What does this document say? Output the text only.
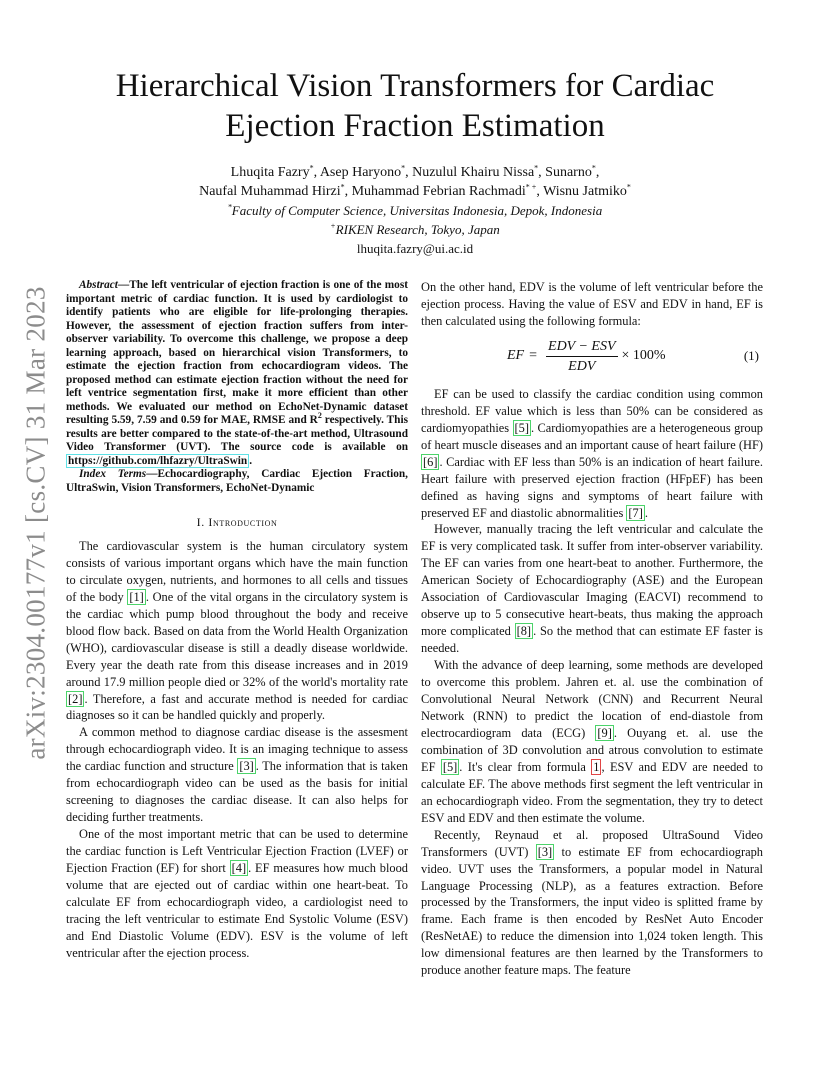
arXiv:2304.00177v1 [cs.CV] 31 Mar 2023
Hierarchical Vision Transformers for Cardiac Ejection Fraction Estimation
Lhuqita Fazry*, Asep Haryono*, Nuzulul Khairu Nissa*, Sunarno*,
Naufal Muhammad Hirzi*, Muhammad Febrian Rachmadi* +, Wisnu Jatmiko*
*Faculty of Computer Science, Universitas Indonesia, Depok, Indonesia
+RIKEN Research, Tokyo, Japan
lhuqita.fazry@ui.ac.id

Abstract—The left ventricular of ejection fraction is one of the most important metric of cardiac function. It is used by cardiologist to identify patients who are eligible for life-prolonging therapies. However, the assessment of ejection fraction suffers from inter-observer variability. To overcome this challenge, we propose a deep learning approach, based on hierarchical vision Transformers, to estimate the ejection fraction from echocardiogram videos. The proposed method can estimate ejection fraction without the need for left ventrice segmentation first, make it more efficient than other methods. We evaluated our method on EchoNet-Dynamic dataset resulting 5.59, 7.59 and 0.59 for MAE, RMSE and $R^2$ respectively. This results are better compared to the state-of-the-art method, Ultrasound Video Transformer (UVT). The source code is available on https://github.com/lhfazry/UltraSwin .

Index Terms—Echocardiography, Cardiac Ejection Fraction, UltraSwin, Vision Transformers, EchoNet-Dynamic

I. Introduction

The cardiovascular system is the human circulatory system consists of various important organs which have the main function to circulate oxygen, nutrients, and hormones to all cells and tissues of the body [1] . One of the vital organs in the circulatory system is the cardiac which pump blood throughout the body and receive blood flow back. Based on data from the World Health Organization (WHO), cardiovascular disease is still a deadly disease worldwide. Every year the death rate from this disease increases and in 2019 around 17.9 million people died or 32% of the world's mortality rate [2] . Therefore, a fast and accurate method is needed for cardiac diagnoses so it can be handled quickly and properly.

A common method to diagnose cardiac disease is the assesment through echocardiograph video. It is an imaging technique to assess the cardiac function and structure [3] . The information that is taken from echocardiograph video can be used as the basis for initial screening to diagnoses the cardiac disease. It can also helps for deciding further treatments.

One of the most important metric that can be used to determine the cardiac function is Left Ventricular Ejection Fraction (LVEF) or Ejection Fraction (EF) for short [4] . EF measures how much blood volume that are ejected out of cardiac within one heart-beat. To calculate EF from echocardiograph video, a cardiologist need to tracing the left ventricular to estimate End Systolic Volume (ESV) and End Diastolic Volume (EDV). ESV is the volume of left ventricular after the ejection process.

On the other hand, EDV is the volume of left ventricular before the ejection process. Having the value of ESV and EDV in hand, EF is then calculated using the following formula:

EF = $\frac{\text{EDV − ESV}}{\text{EDV}} \times 100\%$	(1)

EF can be used to classify the cardiac condition using common threshold. EF value which is less than 50% can be considered as cardiomyopathies [5] . Cardiomyopathies are a heterogeneous group of heart muscle diseases and an important cause of heart failure (HF) [6] . Cardiac with EF less than 50% is an indication of heart failure. Heart failure with preserved ejection fraction (HFpEF) has been defined as having signs and symptoms of heart failure with preserved EF and diastolic abnormalities [7] .

However, manually tracing the left ventricular and calculate the EF is very complicated task. It suffer from inter-observer variability. The EF can varies from one heart-beat to another. Furthermore, the American Society of Echocardiography (ASE) and the European Association of Cardiovascular Imaging (EACVI) recommend to observe up to 5 consecutive heart-beats, thus making the approach more complicated [8] . So the method that can estimate EF faster is needed.

With the advance of deep learning, some methods are developed to overcome this problem. Jahren et. al. use the combination of Convolutional Neural Network (CNN) and Recurrent Neural Network (RNN) to predict the location of end-diastole from electrocardiogram data (ECG) [9] . Ouyang et. al. use the combination of 3D convolution and atrous convolution to estimate EF [5] . It's clear from formula 1 , ESV and EDV are needed to calculate EF. The above methods first segment the left ventricular in an echocardiograph video. From the segmentation, they try to detect ESV and EDV and then estimate the volume.

Recently, Reynaud et al. proposed UltraSound Video Transformers (UVT) [3] to estimate EF from echocardiograph video. UVT uses the Transformers, a popular model in Natural Language Processing (NLP), as a features extraction. Before processed by the Transformers, the input video is splitted frame by frame. Each frame is then encoded by ResNet Auto Encoder (ResNetAE) to reduce the dimension into 1,024 token length. This low dimensional features are then learned by the Transformers to produce another feature maps. The feature
